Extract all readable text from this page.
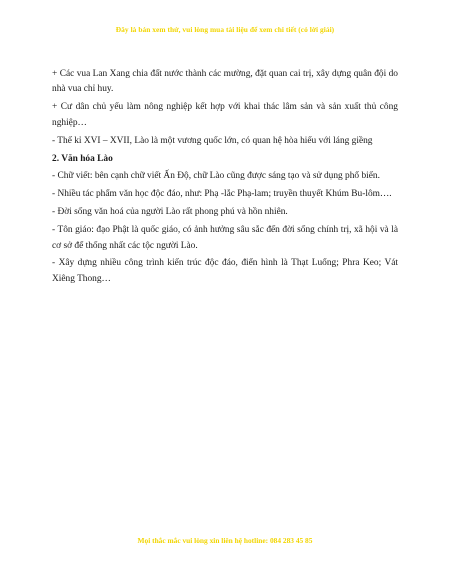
Đây là bản xem thử, vui lòng mua tài liệu để xem chi tiết (có lời giải)

+ Các vua Lan Xang chia đất nước thành các mường, đặt quan cai trị, xây dựng quân đội do nhà vua chỉ huy.

+ Cư dân chủ yếu làm nông nghiệp kết hợp với khai thác lâm sản và sản xuất thủ công nghiệp…

- Thế kỉ XVI – XVII, Lào là một vương quốc lớn, có quan hệ hòa hiếu với láng giềng

2. Văn hóa Lào

- Chữ viết: bên cạnh chữ viết Ấn Độ, chữ Lào cũng được sáng tạo và sử dụng phổ biến.

- Nhiều tác phẩm văn học độc đáo, như: Phạ -lắc Phạ-lam; truyền thuyết Khúm Bu-lôm….

- Đời sống văn hoá của người Lào rất phong phú và hồn nhiên.

- Tôn giáo: đạo Phật là quốc giáo, có ảnh hưởng sâu sắc đến đời sống chính trị, xã hội và là cơ sở để thống nhất các tộc người Lào.

- Xây dựng nhiều công trình kiến trúc độc đáo, điển hình là Thạt Luổng; Phra Keo; Vát Xiêng Thong…

Mọi thắc mắc vui lòng xin liên hệ hotline: 084 283 45 85
